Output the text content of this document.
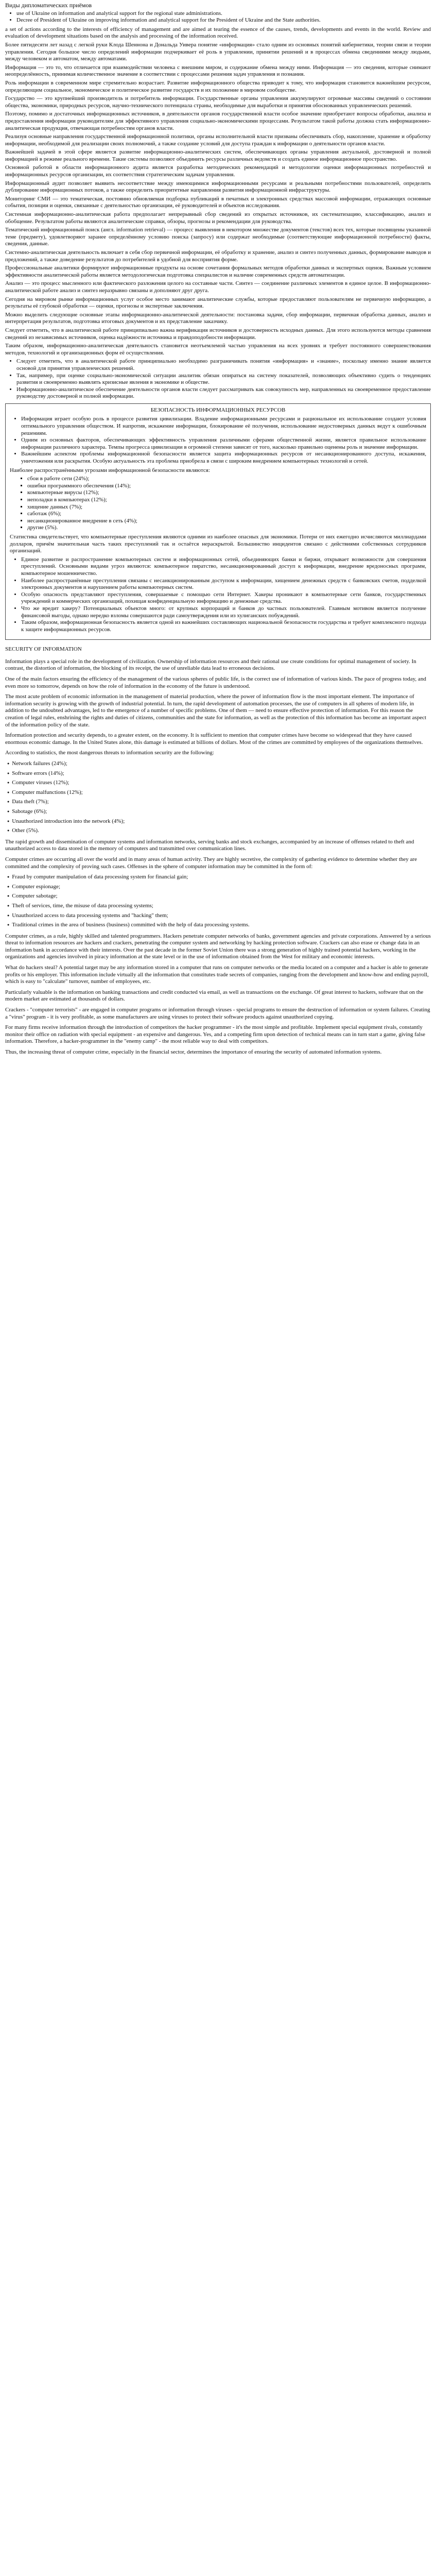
Виды дипломатических приёмов
• use of Ukraine on information and analytical support for the regional state administrations.
• Decree of President of Ukraine on improving information and analytical support for the President of Ukraine and the State authorities.

a set of actions according to the interests of efficiency of management and are aimed at tearing the essence of the causes, trends, developments and events in the world. Review and evaluation of development situations based on the analysis and processing of the information received.

Более пятидесяти лет назад с легкой руки Клода Шеннона и Дональда Уивера понятие «информация» стало одним из основных понятий кибернетики, теории связи и теории управления. Сегодня большое число определений информации подчеркивает её роль в управлении, принятии решений и в процессах обмена сведениями между людьми, между человеком и автоматом, между автоматами.

Информация — это то, что отличается при взаимодействии человека с внешним миром, и содержание обмена между ними. Информация — это сведения, которые снимают неопределённость, принимая количественное значение в соответствии с процессами решения задач управления и познания.

Роль информации в современном мире стремительно возрастает. Развитие информационного общества приводит к тому, что информация становится важнейшим ресурсом, определяющим социальное, экономическое и политическое развитие государств и их положение в мировом сообществе.

Государство — это крупнейший производитель и потребитель информации. Государственные органы управления аккумулируют огромные массивы сведений о состоянии общества, экономики, природных ресурсов, научно-технического потенциала страны, необходимые для выработки и принятия обоснованных управленческих решений.

Поэтому, помимо и достаточных информационных источников, в деятельности органов государственной власти особое значение приобретают вопросы обработки, анализа и предоставления информации руководителям для эффективного управления социально-экономическими процессами. Результатом такой работы должна стать информационно-аналитическая продукция, отвечающая потребностям органов власти.

Реализуя основные направления государственной информационной политики, органы исполнительной власти призваны обеспечивать сбор, накопление, хранение и обработку информации, необходимой для реализации своих полномочий, а также создание условий для доступа граждан к информации о деятельности органов власти.

Важнейшей задачей в этой сфере является развитие информационно-аналитических систем, обеспечивающих органы управления актуальной, достоверной и полной информацией в режиме реального времени. Такие системы позволяют объединить ресурсы различных ведомств и создать единое информационное пространство.

Основной работой в области информационного аудита является разработка методических рекомендаций и методологии оценки информационных потребностей и информационных ресурсов организации, их соответствия стратегическим задачам управления.

Информационный аудит позволяет выявить несоответствие между имеющимися информационными ресурсами и реальными потребностями пользователей, определить дублирование информационных потоков, а также определить приоритетные направления развития информационной инфраструктуры.

Мониторинг СМИ — это тематическая, постоянно обновляемая подборка публикаций в печатных и электронных средствах массовой информации, отражающих основные события, позиции и оценки, связанные с деятельностью организации, её руководителей и объектов исследования.

Системная информационно-аналитическая работа предполагает непрерывный сбор сведений из открытых источников, их систематизацию, классификацию, анализ и обобщение. Результатом работы являются аналитические справки, обзоры, прогнозы и рекомендации для руководства.

Тематический информационный поиск (англ. information retrieval) — процесс выявления в некотором множестве документов (текстов) всех тех, которые посвящены указанной теме (предмету), удовлетворяют заранее определённому условию поиска (запросу) или содержат необходимые (соответствующие информационной потребности) факты, сведения, данные.

Системно-аналитическая деятельность включает в себя сбор первичной информации, её обработку и хранение, анализ и синтез полученных данных, формирование выводов и предложений, а также доведение результатов до потребителей в удобной для восприятия форме.

Профессиональные аналитики формируют информационные продукты на основе сочетания формальных методов обработки данных и экспертных оценок. Важным условием эффективности аналитической работы является методологическая подготовка специалистов и наличие современных средств автоматизации.

Анализ — это процесс мысленного или фактического разложения целого на составные части. Синтез — соединение различных элементов в единое целое. В информационно-аналитической работе анализ и синтез неразрывно связаны и дополняют друг друга.

Сегодня на мировом рынке информационных услуг особое место занимают аналитические службы, которые предоставляют пользователям не первичную информацию, а результаты её глубокой обработки — оценки, прогнозы и экспертные заключения.

Можно выделить следующие основные этапы информационно-аналитической деятельности: постановка задачи, сбор информации, первичная обработка данных, анализ и интерпретация результатов, подготовка итоговых документов и их представление заказчику.

Следует отметить, что в аналитической работе принципиально важна верификация источников и достоверность исходных данных. Для этого используются методы сравнения сведений из независимых источников, оценка надёжности источника и правдоподобности информации.

Таким образом, информационно-аналитическая деятельность становится неотъемлемой частью управления на всех уровнях и требует постоянного совершенствования методов, технологий и организационных форм её осуществления.

• Следует отметить, что в аналитической работе принципиально необходимо разграничивать понятия «информация» и «знание», поскольку именно знание является основой для принятия управленческих решений.
• Так, например, при оценке социально-экономической ситуации аналитик обязан опираться на систему показателей, позволяющих объективно судить о тенденциях развития и своевременно выявлять кризисные явления в экономике и обществе.
• Информационно-аналитическое обеспечение деятельности органов власти следует рассматривать как совокупность мер, направленных на своевременное предоставление руководству достоверной и полной информации.
БЕЗОПАСНОСТЬ ИНФОРМАЦИОННЫХ РЕСУРСОВ
• Информация играет особую роль в процессе развития цивилизации. Владение информационными ресурсами и рациональное их использование создают условия оптимального управления обществом. И напротив, искажение информации, блокирование её получения, использование недостоверных данных ведут к ошибочным решениям.
• Одним из основных факторов, обеспечивающих эффективность управления различными сферами общественной жизни, является правильное использование информации различного характера. Темпы прогресса цивилизации в огромной степени зависят от того, насколько правильно оценены роль и значение информации.
• Важнейшим аспектом проблемы информационной безопасности является защита информационных ресурсов от несанкционированного доступа, искажения, уничтожения или раскрытия. Особую актуальность эта проблема приобрела в связи с широким внедрением компьютерных технологий и сетей.

Наиболее распространёнными угрозами информационной безопасности являются:

▪ сбои в работе сети (24%);
▪ ошибки программного обеспечения (14%);
▪ компьютерные вирусы (12%);
▪ неполадки в компьютерах (12%);
▪ хищение данных (7%);
▪ саботаж (6%);
▪ несанкционированное внедрение в сеть (4%);
▪ другие (5%).

Статистика свидетельствует, что компьютерные преступления являются одними из наиболее опасных для экономики. Потери от них ежегодно исчисляются миллиардами долларов, причём значительная часть таких преступлений так и остаётся нераскрытой. Большинство инцидентов связано с действиями собственных сотрудников организаций.

• Единое развитие и распространение компьютерных систем и информационных сетей, объединяющих банки и биржи, открывает возможности для совершения преступлений. Основными видами угроз являются: компьютерное пиратство, несанкционированный доступ к информации, внедрение вредоносных программ, компьютерное мошенничество.
• Наиболее распространённые преступления связаны с несанкционированным доступом к информации, хищением денежных средств с банковских счетов, подделкой электронных документов и нарушением работы компьютерных систем.
• Особую опасность представляют преступления, совершаемые с помощью сети Интернет. Хакеры проникают в компьютерные сети банков, государственных учреждений и коммерческих организаций, похищая конфиденциальную информацию и денежные средства.
• Что же вредит хакеру? Потенциальных объектов много: от крупных корпораций и банков до частных пользователей. Главным мотивом является получение финансовой выгоды, однако нередко взломы совершаются ради самоутверждения или из хулиганских побуждений.
• Таким образом, информационная безопасность является одной из важнейших составляющих национальной безопасности государства и требует комплексного подхода к защите информационных ресурсов.
SECURITY OF INFORMATION

Information plays a special role in the development of civilization. Ownership of information resources and their rational use create conditions for optimal management of society. In contrast, the distortion of information, the blocking of its receipt, the use of unreliable data lead to erroneous decisions.

One of the main factors ensuring the efficiency of the management of the various spheres of public life, is the correct use of information of various kinds. The pace of progress today, and even more so tomorrow, depends on how the role of information in the economy of the future is understood.

The most acute problem of economic information in the management of material production, where the power of information flow is the most important element. The importance of information security is growing with the growth of industrial potential. In turn, the rapid development of automation processes, the use of computers in all spheres of modern life, in addition to the undoubted advantages, led to the emergence of a number of specific problems. One of them — need to ensure effective protection of information. For this reason the creation of legal rules, enshrining the rights and duties of citizens, communities and the state for information, as well as the protection of this information has become an important aspect of the information policy of the state.

Information protection and security depends, to a greater extent, on the economy. It is sufficient to mention that computer crimes have become so widespread that they have caused enormous economic damage. In the United States alone, this damage is estimated at billions of dollars. Most of the crimes are committed by employees of the organizations themselves.

According to statistics, the most dangerous threats to information security are the following:

● Network failures (24%);
● Software errors (14%);
● Computer viruses (12%);
● Computer malfunctions (12%);
● Data theft (7%);
● Sabotage (6%);
● Unauthorized introduction into the network (4%);
● Other (5%).

The rapid growth and dissemination of computer systems and information networks, serving banks and stock exchanges, accompanied by an increase of offenses related to theft and unauthorized access to data stored in the memory of computers and transmitted over communication lines.

Computer crimes are occurring all over the world and in many areas of human activity. They are highly secretive, the complexity of gathering evidence to determine whether they are committed and the complexity of proving such cases. Offenses in the sphere of computer information may be committed in the form of:

● Fraud by computer manipulation of data processing system for financial gain;
● Computer espionage;
● Computer sabotage;
● Theft of services, time, the misuse of data processing systems;
● Unauthorized access to data processing systems and "hacking" them;
● Traditional crimes in the area of business (business) committed with the help of data processing systems.

Computer crimes, as a rule, highly skilled and talented programmers. Hackers penetrate computer networks of banks, government agencies and private corporations. Answered by a serious threat to information resources are hackers and crackers, penetrating the computer system and networking by hacking protection software. Crackers can also erase or change data in an information bank in accordance with their interests. Over the past decade in the former Soviet Union there was a strong generation of highly trained potential hackers, working in the organizations and agencies involved in piracy information at the state level or in the use of information obtained from the West for military and economic interests.

What do hackers steal? A potential target may be any information stored in a computer that runs on computer networks or the media located on a computer and a hacker is able to generate profits or his employer. This information include virtually all the information that constitutes trade secrets of companies, ranging from the development and know-how and ending payroll, which is easy to "calculate" turnover, number of employees, etc.

Particularly valuable is the information on banking transactions and credit conducted via email, as well as transactions on the exchange. Of great interest to hackers, software that on the modern market are estimated at thousands of dollars.

Crackers - "computer terrorists" - are engaged in computer programs or information through viruses - special programs to ensure the destruction of information or system failures. Creating a "virus" program - it is very profitable, as some manufacturers are using viruses to protect their software products against unauthorized copying.

For many firms receive information through the introduction of competitors the hacker programmer - it's the most simple and profitable. Implement special equipment rivals, constantly monitor their office on radiation with special equipment - an expensive and dangerous. Yes, and a competing firm upon detection of technical means can in turn start a game, giving false information. Therefore, a hacker-programmer in the "enemy camp" - the most reliable way to deal with competitors.

Thus, the increasing threat of computer crime, especially in the financial sector, determines the importance of ensuring the security of automated information systems.
